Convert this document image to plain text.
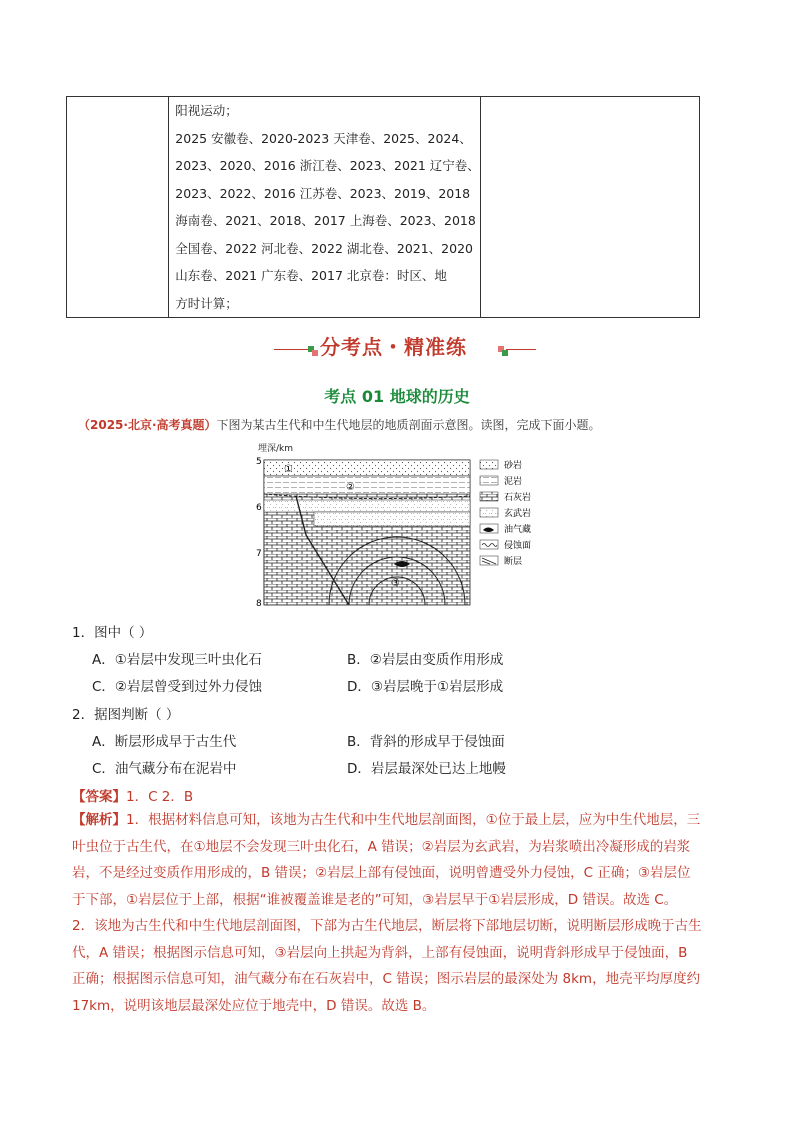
阳视运动；
2025 安徽卷、2020-2023 天津卷、2025、2024、
2023、2020、2016 浙江卷、2023、2021 辽宁卷、
2023、2022、2016 江苏卷、2023、2019、2018
海南卷、2021、2018、2017 上海卷、2023、2018
全国卷、2022 河北卷、2022 湖北卷、2021、2020
山东卷、2021 广东卷、2017 北京卷：时区、地
方时计算；

分考点・精准练
考点 01 地球的历史
（2025·北京·高考真题）下图为某古生代和中生代地层的地质剖面示意图。读图，完成下面小题。
埋深/km
5
6
7
8
①
②
③
砂岩
泥岩
石灰岩
玄武岩
油气藏
侵蚀面
断层
1．图中（ ）
A．①岩层中发现三叶虫化石	B．②岩层由变质作用形成
C．②岩层曾受到过外力侵蚀	D．③岩层晚于①岩层形成
2．据图判断（ ）
A．断层形成早于古生代	B．背斜的形成早于侵蚀面
C．油气藏分布在泥岩中	D．岩层最深处已达上地幔
【答案】1．C 2．B

【解析】1．根据材料信息可知，该地为古生代和中生代地层剖面图，①位于最上层，应为中生代地层，三

叶虫位于古生代，在①地层不会发现三叶虫化石，A 错误；②岩层为玄武岩，为岩浆喷出冷凝形成的岩浆

岩，不是经过变质作用形成的，B 错误；②岩层上部有侵蚀面，说明曾遭受外力侵蚀，C 正确；③岩层位

于下部，①岩层位于上部，根据“谁被覆盖谁是老的”可知，③岩层早于①岩层形成，D 错误。故选 C。

2．该地为古生代和中生代地层剖面图，下部为古生代地层，断层将下部地层切断，说明断层形成晚于古生

代，A 错误；根据图示信息可知，③岩层向上拱起为背斜，上部有侵蚀面，说明背斜形成早于侵蚀面，B

正确；根据图示信息可知，油气藏分布在石灰岩中，C 错误；图示岩层的最深处为 8km，地壳平均厚度约

17km，说明该地层最深处应位于地壳中，D 错误。故选 B。
